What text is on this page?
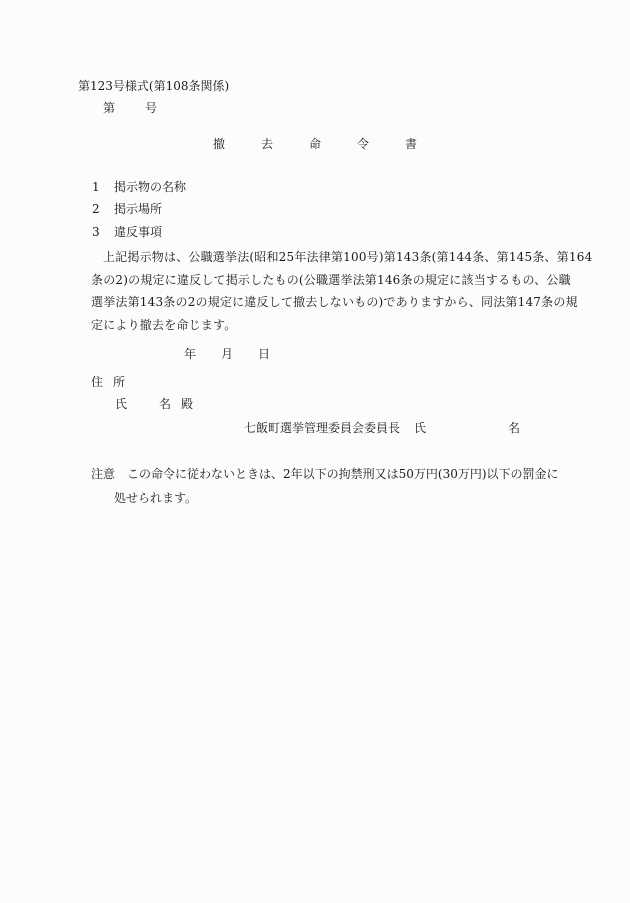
第123号様式(第108条関係)
第	号
撤	去	命	令	書
1 掲示物の名称
2 掲示場所
3 違反事項
上記掲示物は、公職選挙法(昭和25年法律第100号)第143条(第144条、第145条、第164
条の2)の規定に違反して掲示したもの(公職選挙法第146条の規定に該当するもの、公職
選挙法第143条の2の規定に違反して撤去しないもの)でありますから、同法第147条の規
定により撤去を命じます。
年 月 日
住 所
氏	名 殿
七飯町選挙管理委員会委員長 氏	名
注意 この命令に従わないときは、2年以下の拘禁刑又は50万円(30万円)以下の罰金に
処せられます。
